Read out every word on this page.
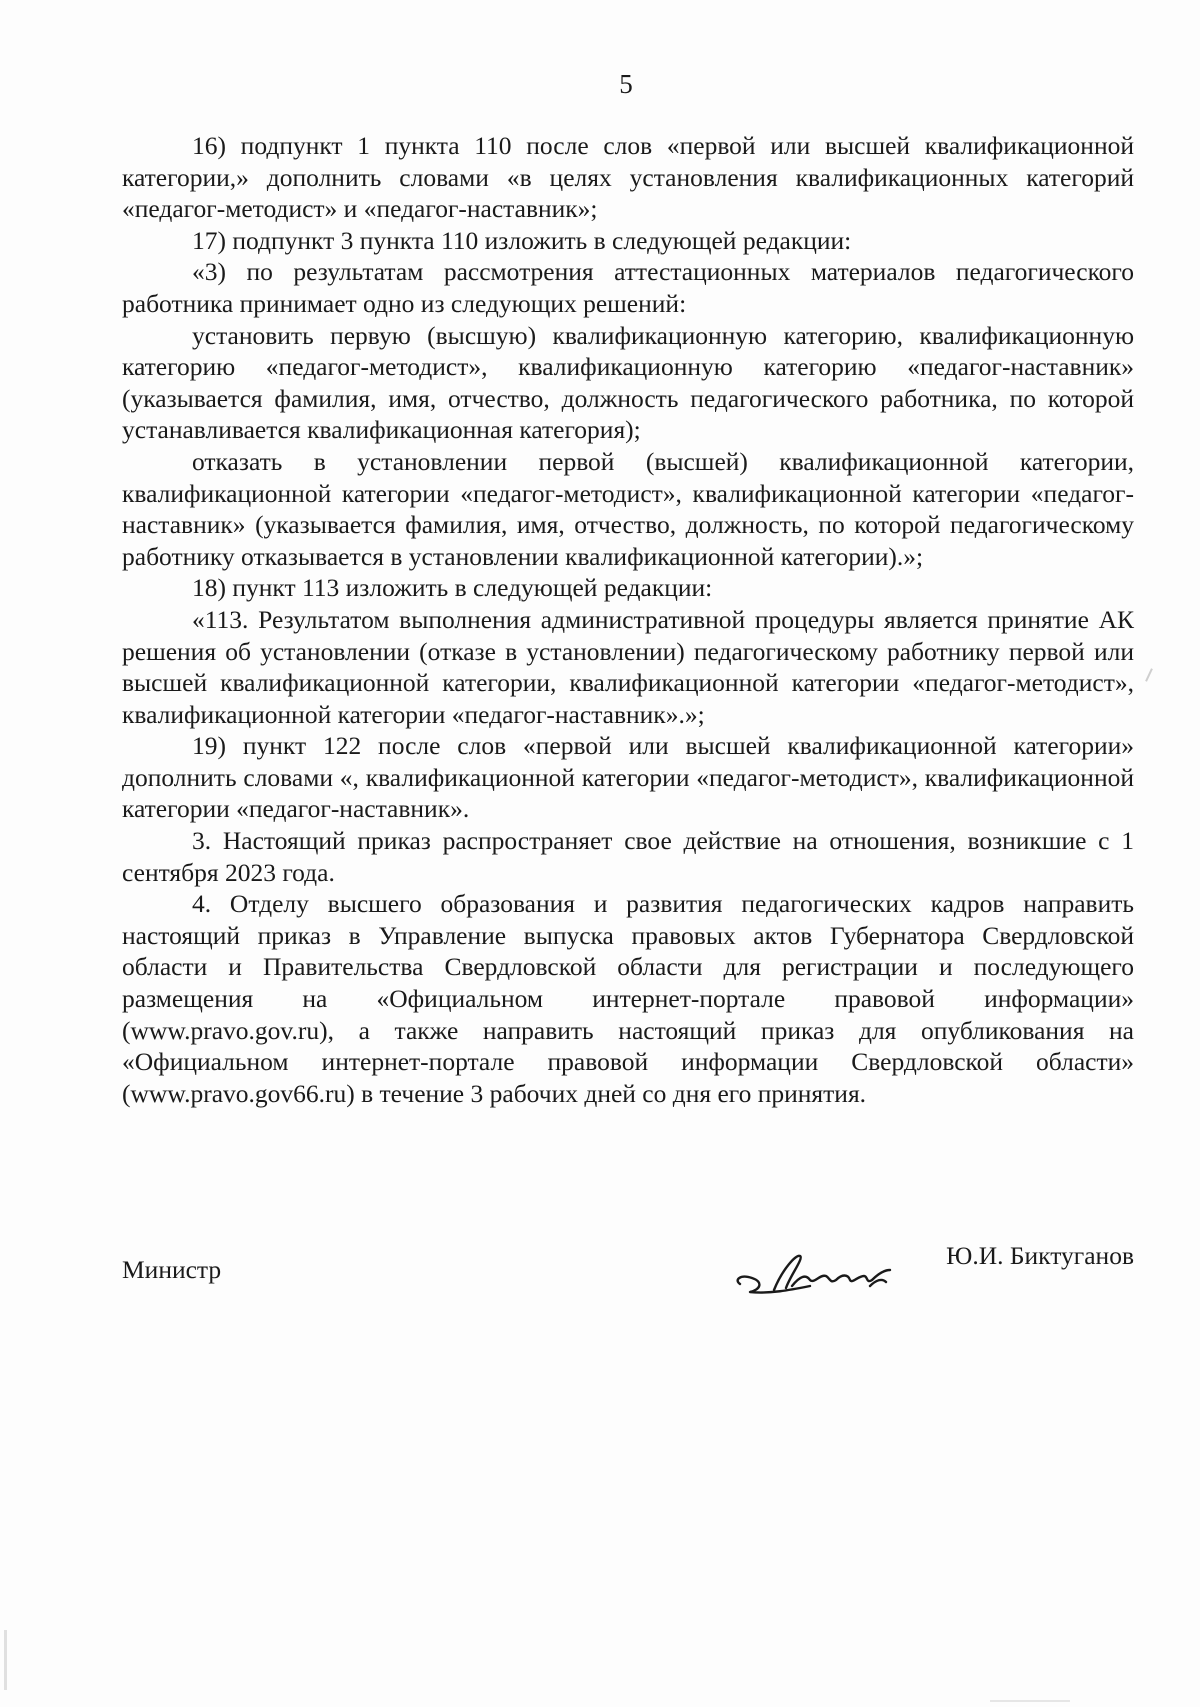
5

16) подпункт 1 пункта 110 после слов «первой или высшей квалификационной категории,» дополнить словами «в целях установления квалификационных категорий «педагог-методист» и «педагог-наставник»;

17) подпункт 3 пункта 110 изложить в следующей редакции:

«3) по результатам рассмотрения аттестационных материалов педагогического работника принимает одно из следующих решений:

установить первую (высшую) квалификационную категорию, квалификационную категорию «педагог-методист», квалификационную категорию «педагог-наставник» (указывается фамилия, имя, отчество, должность педагогического работника, по которой устанавливается квалификационная категория);

отказать в установлении первой (высшей) квалификационной категории, квалификационной категории «педагог-методист», квалификационной категории «педагог-наставник» (указывается фамилия, имя, отчество, должность, по которой педагогическому работнику отказывается в установлении квалификационной категории).»;

18) пункт 113 изложить в следующей редакции:

«113. Результатом выполнения административной процедуры является принятие АК решения об установлении (отказе в установлении) педагогическому работнику первой или высшей квалификационной категории, квалификационной категории «педагог-методист», квалификационной категории «педагог-наставник».»;

19) пункт 122 после слов «первой или высшей квалификационной категории» дополнить словами «, квалификационной категории «педагог-методист», квалификационной категории «педагог-наставник».

3. Настоящий приказ распространяет свое действие на отношения, возникшие с 1 сентября 2023 года.

4. Отделу высшего образования и развития педагогических кадров направить настоящий приказ в Управление выпуска правовых актов Губернатора Свердловской области и Правительства Свердловской области для регистрации и последующего размещения на «Официальном интернет-портале правовой информации» (www.pravo.gov.ru), а также направить настоящий приказ для опубликования на «Официальном интернет-портале правовой информации Свердловской области» (www.pravo.gov66.ru) в течение 3 рабочих дней со дня его принятия.

Министр	Ю.И. Биктуганов
